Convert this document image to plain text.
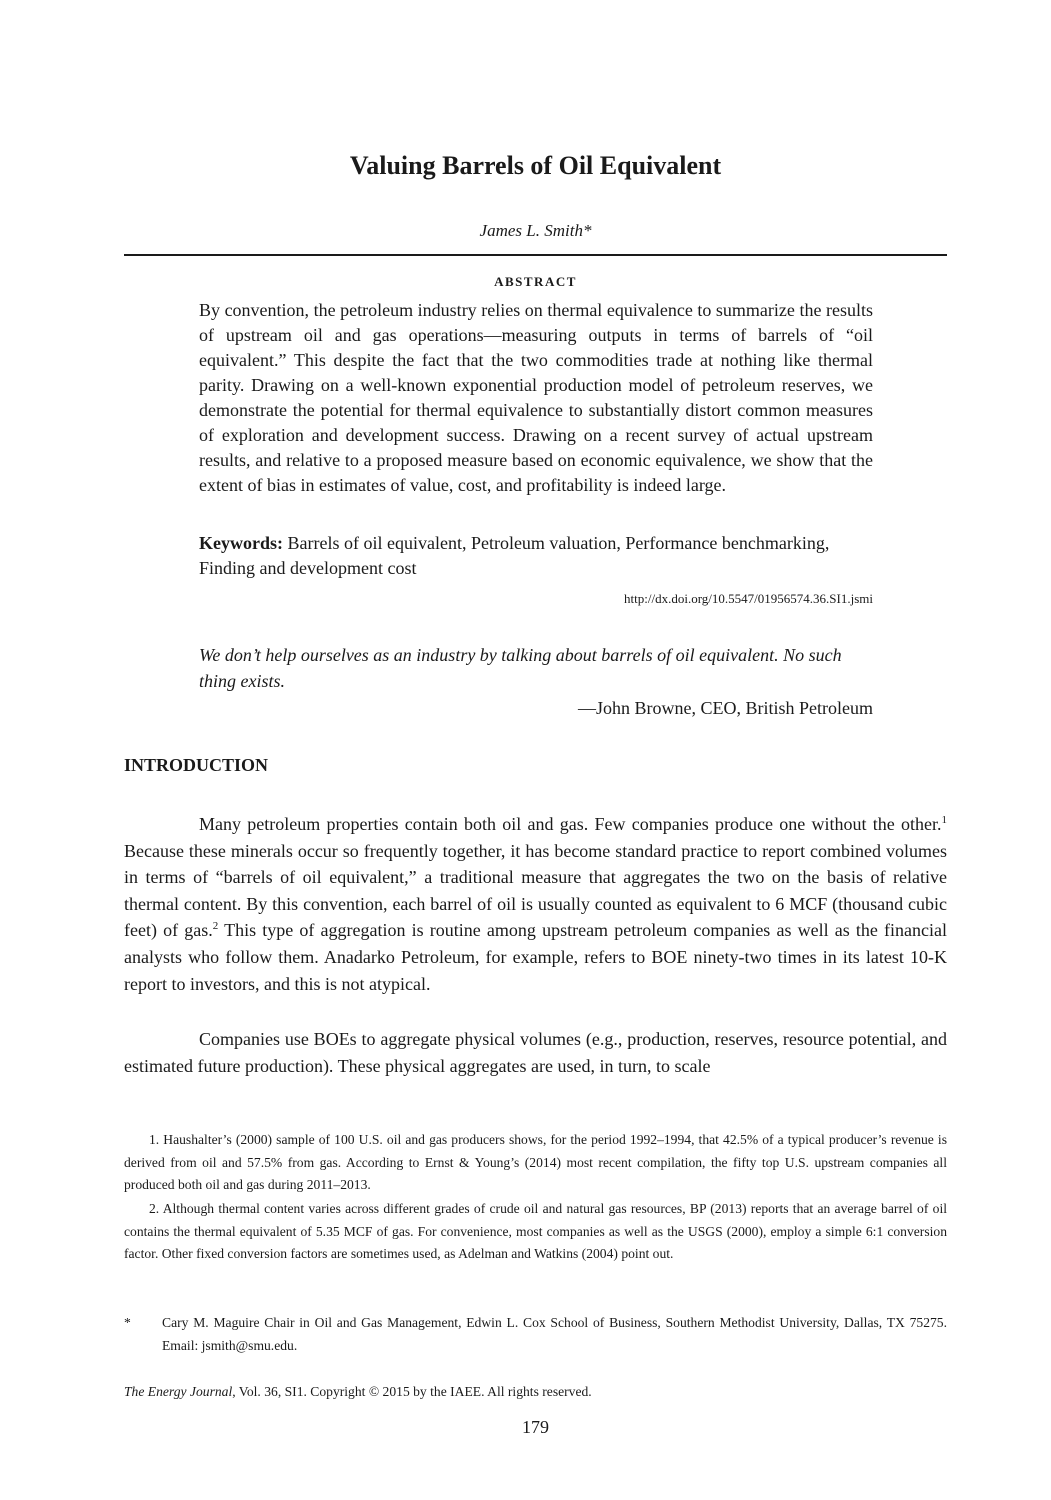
Valuing Barrels of Oil Equivalent
James L. Smith*
ABSTRACT

By convention, the petroleum industry relies on thermal equivalence to summarize the results of upstream oil and gas operations—measuring outputs in terms of barrels of “oil equivalent.” This despite the fact that the two commodities trade at nothing like thermal parity. Drawing on a well-known exponential production model of petroleum reserves, we demonstrate the potential for thermal equivalence to substantially distort common measures of exploration and development success. Drawing on a recent survey of actual upstream results, and relative to a proposed measure based on economic equivalence, we show that the extent of bias in estimates of value, cost, and profitability is indeed large.

Keywords: Barrels of oil equivalent, Petroleum valuation, Performance benchmarking, Finding and development cost

http://dx.doi.org/10.5547/01956574.36.SI1.jsmi

We don’t help ourselves as an industry by talking about barrels of oil equivalent. No such thing exists.

—John Browne, CEO, British Petroleum
INTRODUCTION

Many petroleum properties contain both oil and gas. Few companies produce one without the other.$^1$ Because these minerals occur so frequently together, it has become standard practice to report combined volumes in terms of “barrels of oil equivalent,” a traditional measure that aggregates the two on the basis of relative thermal content. By this convention, each barrel of oil is usually counted as equivalent to 6 MCF (thousand cubic feet) of gas.$^2$ This type of aggregation is routine among upstream petroleum companies as well as the financial analysts who follow them. Anadarko Petroleum, for example, refers to BOE ninety-two times in its latest 10-K report to investors, and this is not atypical.

Companies use BOEs to aggregate physical volumes (e.g., production, reserves, resource potential, and estimated future production). These physical aggregates are used, in turn, to scale

1. Haushalter’s (2000) sample of 100 U.S. oil and gas producers shows, for the period 1992–1994, that 42.5% of a typical producer’s revenue is derived from oil and 57.5% from gas. According to Ernst & Young’s (2014) most recent compilation, the fifty top U.S. upstream companies all produced both oil and gas during 2011–2013.

2. Although thermal content varies across different grades of crude oil and natural gas resources, BP (2013) reports that an average barrel of oil contains the thermal equivalent of 5.35 MCF of gas. For convenience, most companies as well as the USGS (2000), employ a simple 6:1 conversion factor. Other fixed conversion factors are sometimes used, as Adelman and Watkins (2004) point out.

* Cary M. Maguire Chair in Oil and Gas Management, Edwin L. Cox School of Business, Southern Methodist University, Dallas, TX 75275. Email: jsmith@smu.edu.

The Energy Journal, Vol. 36, SI1. Copyright © 2015 by the IAEE. All rights reserved.
179
